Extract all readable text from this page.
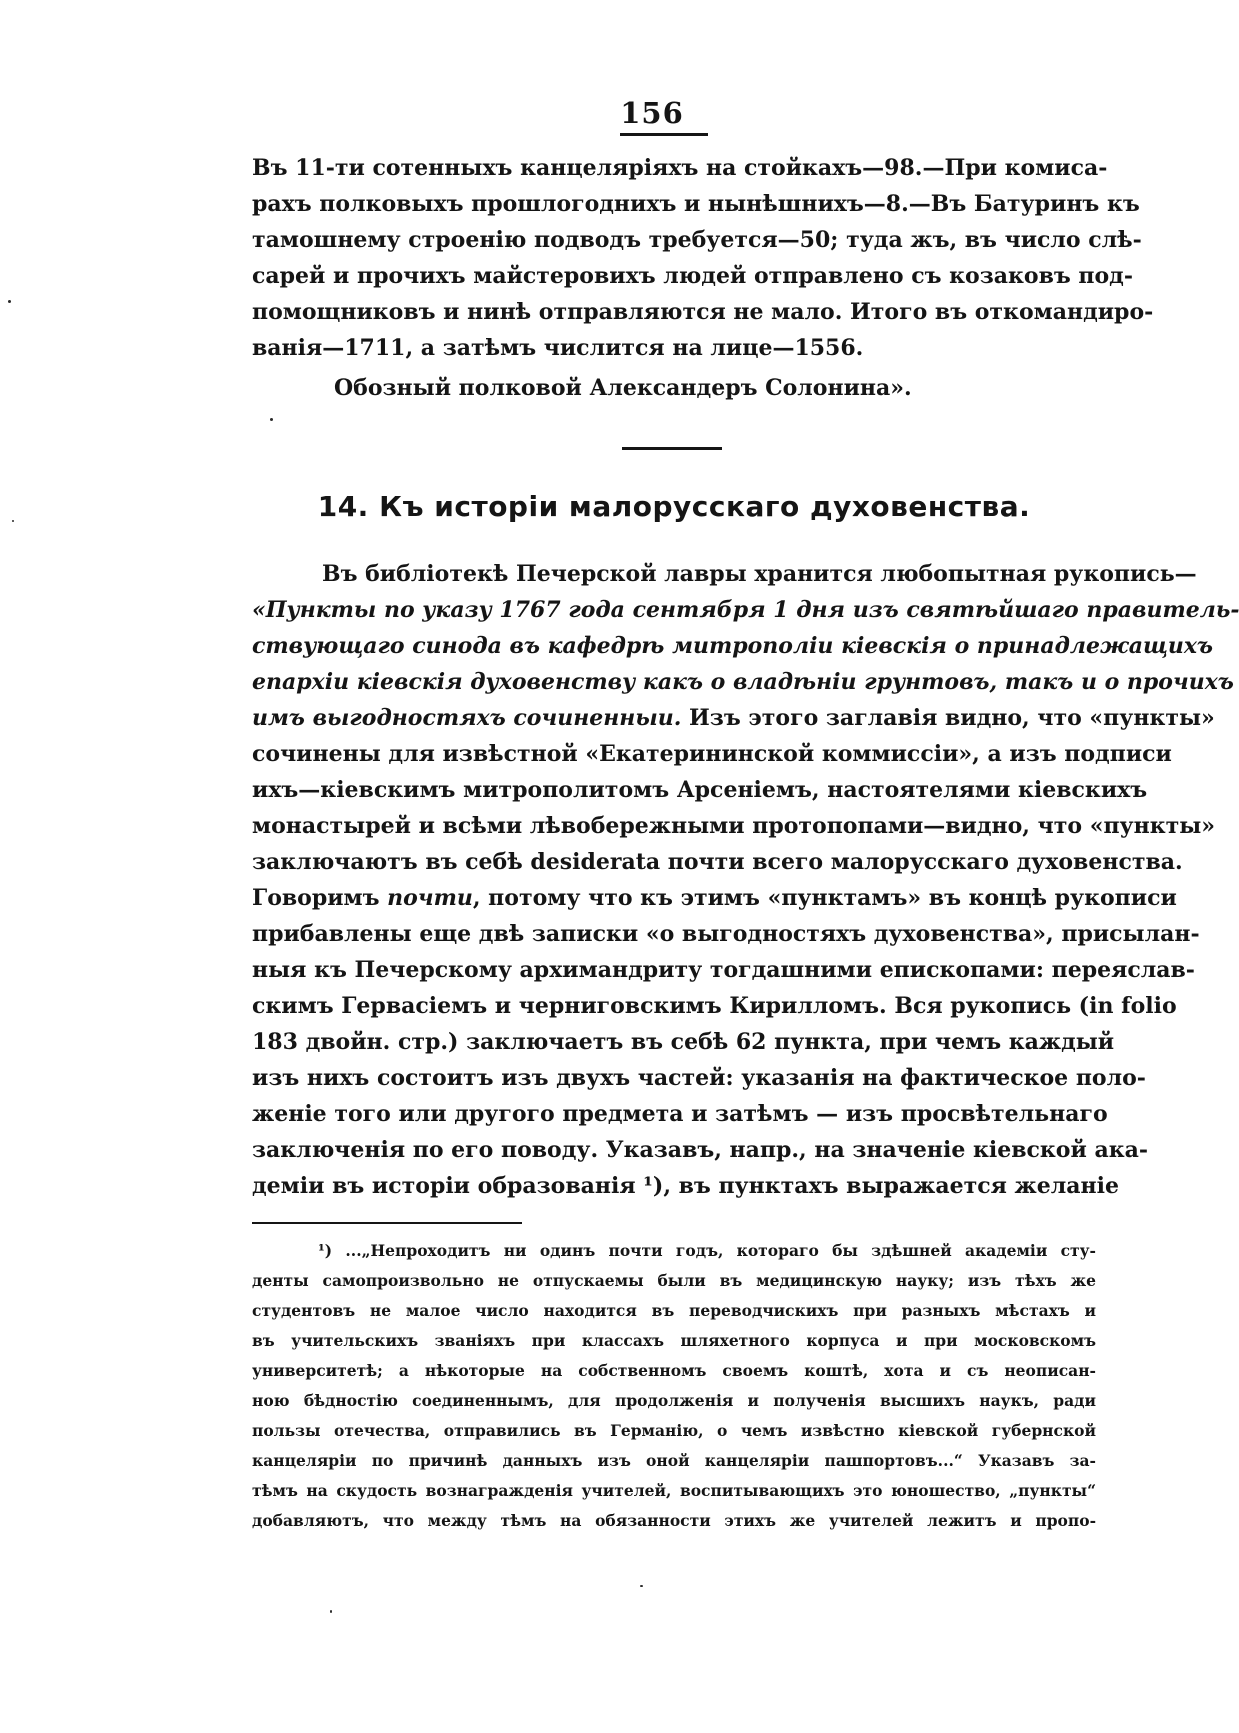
156
Въ 11-ти сотенныхъ канцеляріяхъ на стойкахъ—98.—При комиса-
рахъ полковыхъ прошлогоднихъ и нынѣшнихъ—8.—Въ Батуринъ къ
тамошнему строенію подводъ требуется—50; туда жъ, въ число слѣ-
сарей и прочихъ майстеровихъ людей отправлено съ козаковъ под-
помощниковъ и нинѣ отправляются не мало. Итого въ откомандиро-
ванія—1711, а затѣмъ числится на лице—1556.
Обозный полковой Александеръ Солонина».
14. Къ исторіи малорусскаго духовенства.
Въ библіотекѣ Печерской лавры хранится любопытная рукопись—
«Пункты по указу 1767 года сентября 1 дня изъ святѣйшаго правитель-
ствующаго синода въ кафедрѣ митрополіи кіевскія о принадлежащихъ
епархіи кіевскія духовенству какъ о владѣніи грунтовъ, такъ и о прочихъ
имъ выгодностяхъ сочиненныи. Изъ этого заглавія видно, что «пункты»
сочинены для извѣстной «Екатерининской коммиссіи», а изъ подписи
ихъ—кіевскимъ митрополитомъ Арсеніемъ, настоятелями кіевскихъ
монастырей и всѣми лѣвобережными протопопами—видно, что «пункты»
заключаютъ въ себѣ desiderata почти всего малорусскаго духовенства.
Говоримъ почти, потому что къ этимъ «пунктамъ» въ концѣ рукописи
прибавлены еще двѣ записки «о выгодностяхъ духовенства», присылан-
ныя къ Печерскому архимандриту тогдашними епископами: переяслав-
скимъ Гервасіемъ и черниговскимъ Кирилломъ. Вся рукопись (in folio
183 двойн. стр.) заключаетъ въ себѣ 62 пункта, при чемъ каждый
изъ нихъ состоитъ изъ двухъ частей: указанія на фактическое поло-
женіе того или другого предмета и затѣмъ — изъ просвѣтельнаго
заключенія по его поводу. Указавъ, напр., на значеніе кіевской ака-
деміи въ исторіи образованія ¹), въ пунктахъ выражается желаніе
¹) ...„Непроходитъ ни одинъ почти годъ, котораго бы здѣшней академіи сту-
денты самопроизвольно не отпускаемы были въ медицинскую науку; изъ тѣхъ же
студентовъ не малое число находится въ переводчискихъ при разныхъ мѣстахъ и
въ учительскихъ званіяхъ при классахъ шляхетного корпуса и при московскомъ
университетѣ; а нѣкоторые на собственномъ своемъ коштѣ, хота и съ неописан-
ною бѣдностію соединеннымъ, для продолженія и полученія высшихъ наукъ, ради
пользы отечества, отправились въ Германію, о чемъ извѣстно кіевской губернской
канцеляріи по причинѣ данныхъ изъ оной канцеляріи пашпортовъ...“ Указавъ за-
тѣмъ на скудость вознагражденія учителей, воспитывающихъ это юношество, „пункты“
добавляютъ, что между тѣмъ на обязанности этихъ же учителей лежитъ и пропо-
